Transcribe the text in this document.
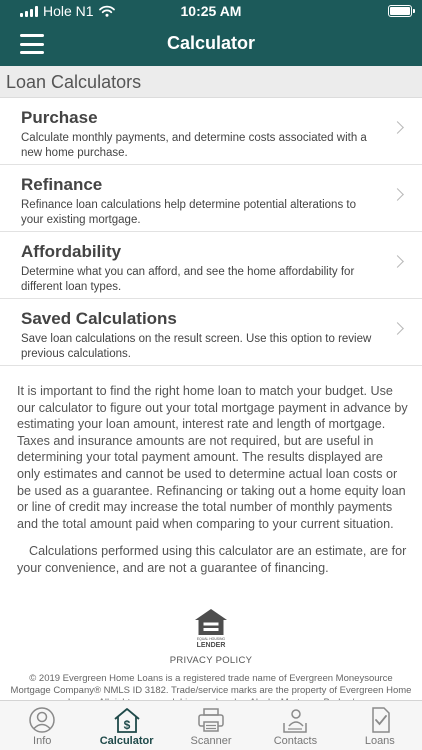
Hole N1	10:25 AM
Calculator
Loan Calculators
Purchase
Calculate monthly payments, and determine costs associated with a new home purchase.
Refinance
Refinance loan calculations help determine potential alterations to your existing mortgage.
Affordability
Determine what you can afford, and see the home affordability for different loan types.
Saved Calculations
Save loan calculations on the result screen. Use this option to review previous calculations.

It is important to find the right home loan to match your budget. Use our calculator to figure out your total mortgage payment in advance by estimating your loan amount, interest rate and length of mortgage. Taxes and insurance amounts are not required, but are useful in determining your total payment amount. The results displayed are only estimates and cannot be used to determine actual loan costs or be used as a guarantee. Refinancing or taking out a home equity loan or line of credit may increase the total number of monthly payments and the total amount paid when comparing to your current situation.

Calculations performed using this calculator are an estimate, are for your convenience, and are not a guarantee of financing.

EQUAL HOUSING
LENDER
PRIVACY POLICY
© 2019 Evergreen Home Loans is a registered trade name of Evergreen Moneysource Mortgage Company® NMLS ID 3182. Trade/service marks are the property of Evergreen Home
Info
$
Calculator	Scanner	Contacts	Loans
